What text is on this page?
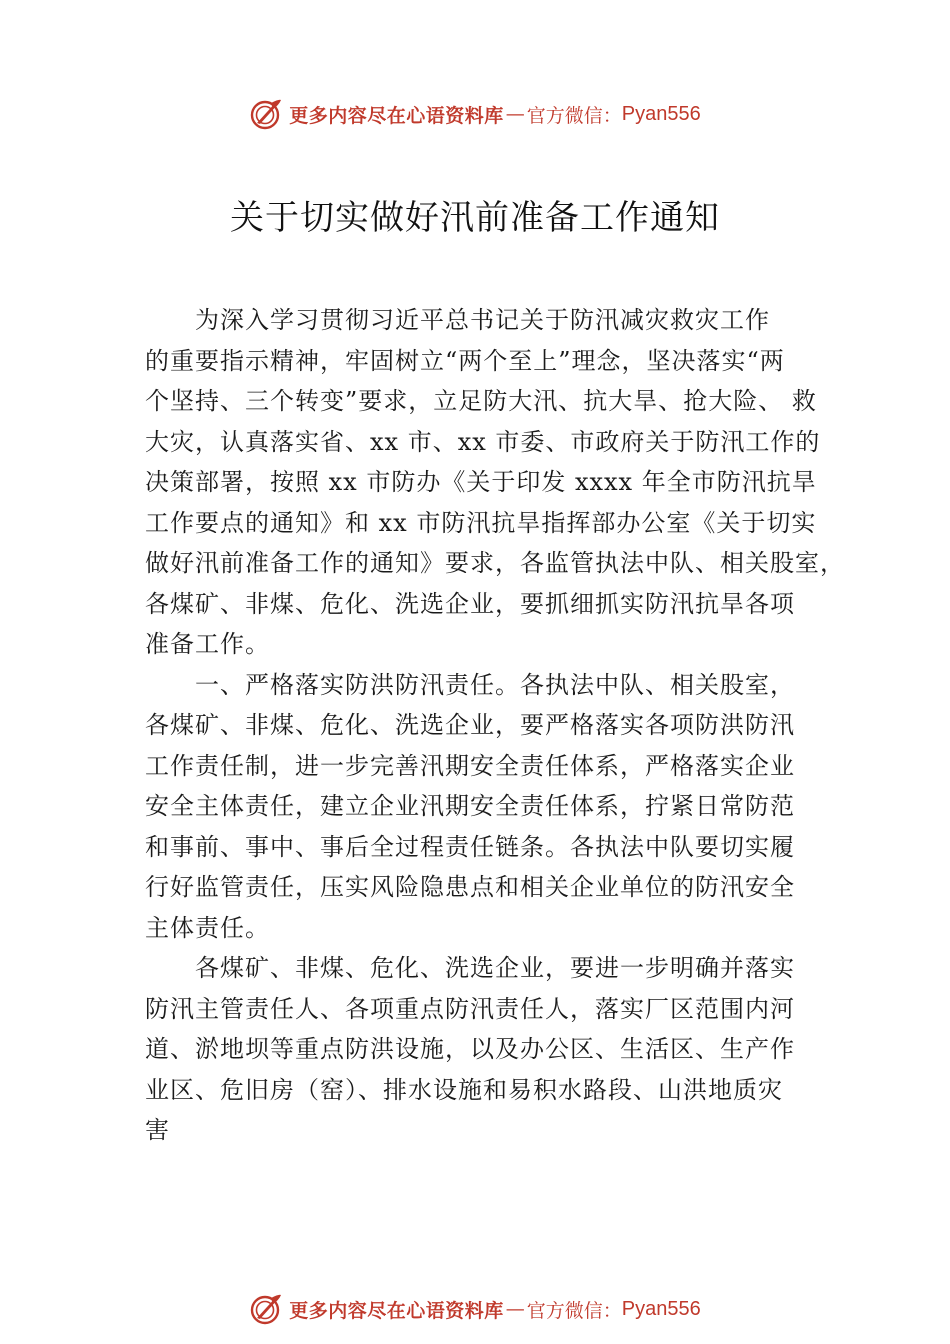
更多内容尽在心语资料库 — 官方微信： Pyan556
关于切实做好汛前准备工作通知
为深入学习贯彻习近平总书记关于防汛减灾救灾工作
的重要指示精神，牢固树立“两个至上”理念，坚决落实“两
个坚持、三个转变”要求，立足防大汛、抗大旱、抢大险、 救
大灾，认真落实省、xx 市、xx 市委、市政府关于防汛工作的
决策部署，按照 xx 市防办《关于印发 xxxx 年全市防汛抗旱
工作要点的通知》和 xx 市防汛抗旱指挥部办公室《关于切实
做好汛前准备工作的通知》要求，各监管执法中队、相关股室，
各煤矿、非煤、危化、洗选企业，要抓细抓实防汛抗旱各项
准备工作。
一、严格落实防洪防汛责任。各执法中队、相关股室，
各煤矿、非煤、危化、洗选企业，要严格落实各项防洪防汛
工作责任制，进一步完善汛期安全责任体系，严格落实企业
安全主体责任，建立企业汛期安全责任体系，拧紧日常防范
和事前、事中、事后全过程责任链条。各执法中队要切实履
行好监管责任，压实风险隐患点和相关企业单位的防汛安全
主体责任。
各煤矿、非煤、危化、洗选企业，要进一步明确并落实
防汛主管责任人、各项重点防汛责任人，落实厂区范围内河
道、淤地坝等重点防洪设施，以及办公区、生活区、生产作
业区、危旧房（窑）、排水设施和易积水路段、山洪地质灾
害
更多内容尽在心语资料库 — 官方微信： Pyan556
